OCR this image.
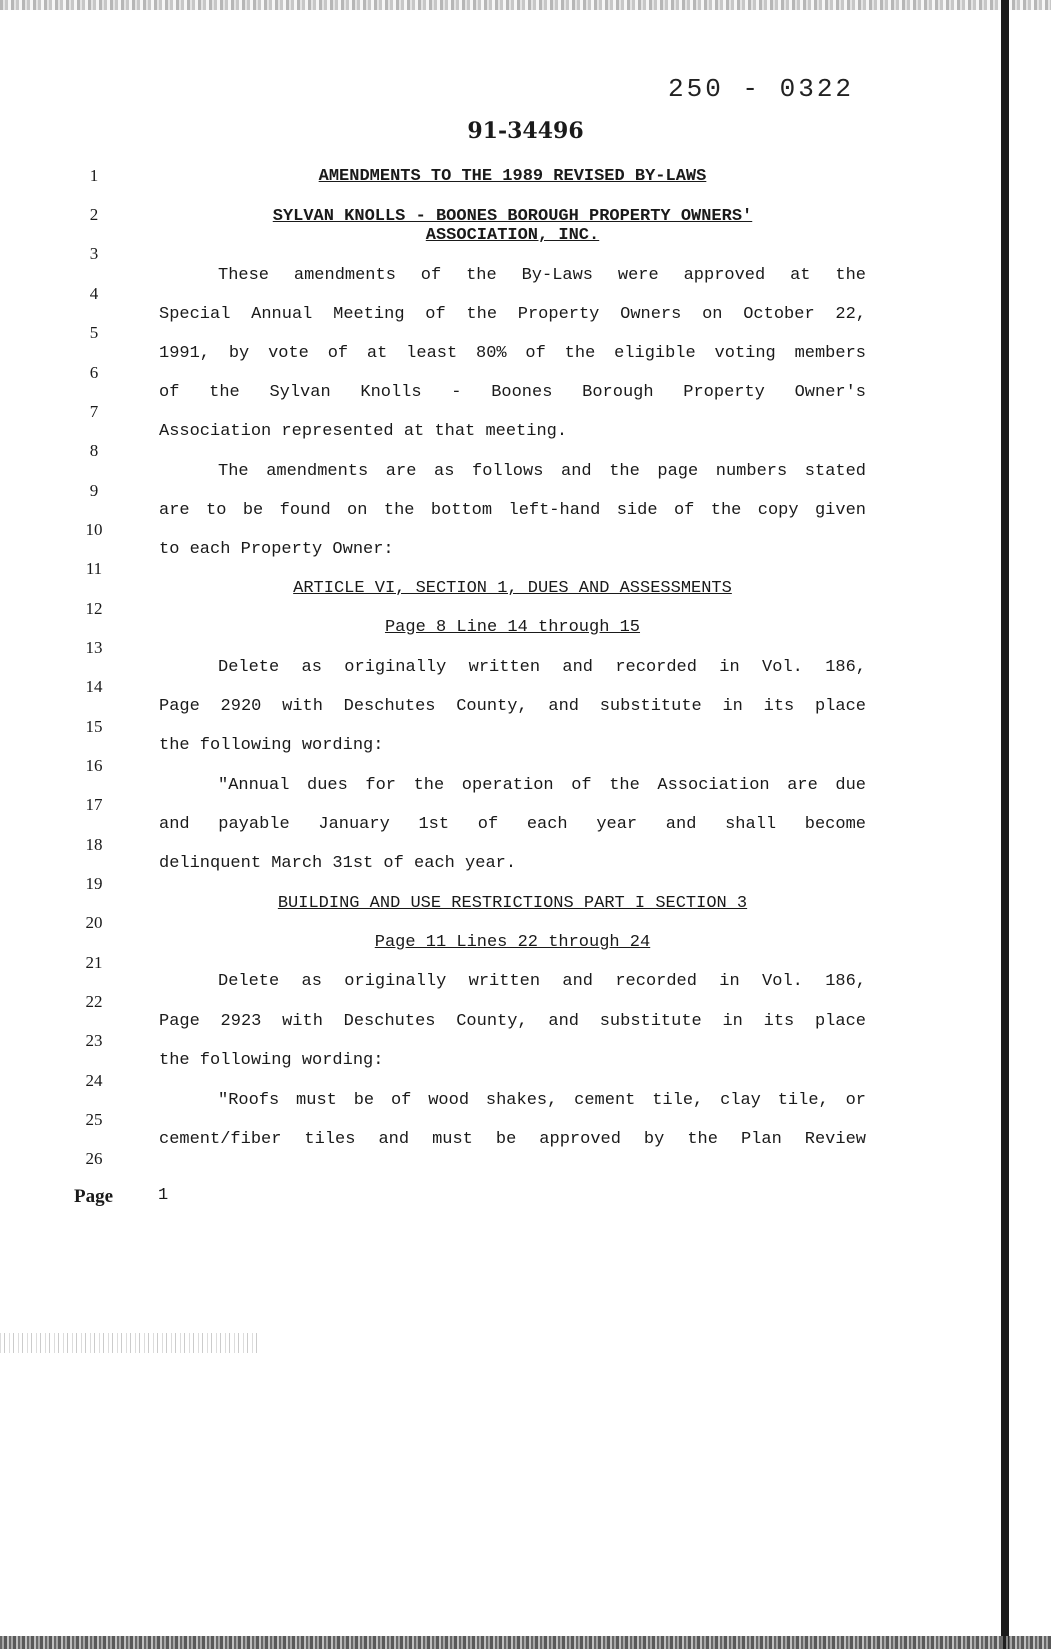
250 - 0322
91-34496
1
2
3
4
5
6
7
8
9
10
11
12
13
14
15
16
17
18
19
20
21
22
23
24
25
26
AMENDMENTS TO THE 1989 REVISED BY-LAWS
SYLVAN KNOLLS - BOONES BOROUGH PROPERTY OWNERS'
ASSOCIATION, INC.
These amendments of the By-Laws were approved at the
Special Annual Meeting of the Property Owners on October 22,
1991, by vote of at least 80% of the eligible voting members
of the Sylvan Knolls - Boones Borough Property Owner's
Association represented at that meeting.
The amendments are as follows and the page numbers stated
are to be found on the bottom left-hand side of the copy given
to each Property Owner:
ARTICLE VI, SECTION 1, DUES AND ASSESSMENTS
Page 8 Line 14 through 15
Delete as originally written and recorded in Vol. 186,
Page 2920 with Deschutes County, and substitute in its place
the following wording:
"Annual dues for the operation of the Association are due
and payable January 1st of each year and shall become
delinquent March 31st of each year.
BUILDING AND USE RESTRICTIONS PART I SECTION 3
Page 11 Lines 22 through 24
Delete as originally written and recorded in Vol. 186,
Page 2923 with Deschutes County, and substitute in its place
the following wording:
"Roofs must be of wood shakes, cement tile, clay tile, or
cement/fiber tiles and must be approved by the Plan Review
Page	1
